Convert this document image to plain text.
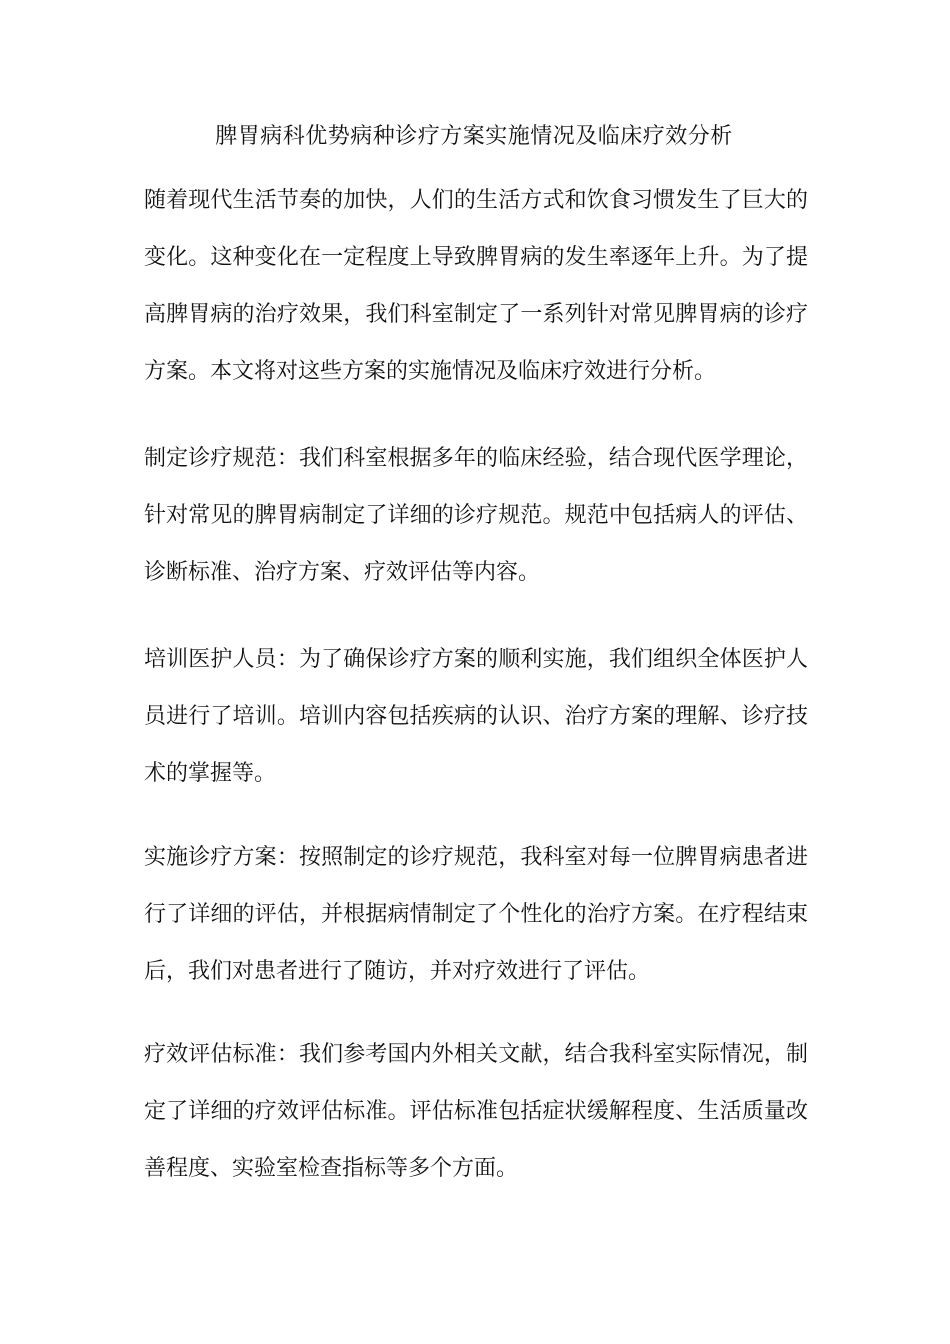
脾胃病科优势病种诊疗方案实施情况及临床疗效分析
随着现代生活节奏的加快，人们的生活方式和饮食习惯发生了巨大的
变化。这种变化在一定程度上导致脾胃病的发生率逐年上升。为了提
高脾胃病的治疗效果，我们科室制定了一系列针对常见脾胃病的诊疗
方案。本文将对这些方案的实施情况及临床疗效进行分析。
制定诊疗规范：我们科室根据多年的临床经验，结合现代医学理论，
针对常见的脾胃病制定了详细的诊疗规范。规范中包括病人的评估、
诊断标准、治疗方案、疗效评估等内容。
培训医护人员：为了确保诊疗方案的顺利实施，我们组织全体医护人
员进行了培训。培训内容包括疾病的认识、治疗方案的理解、诊疗技
术的掌握等。
实施诊疗方案：按照制定的诊疗规范，我科室对每一位脾胃病患者进
行了详细的评估，并根据病情制定了个性化的治疗方案。在疗程结束
后，我们对患者进行了随访，并对疗效进行了评估。
疗效评估标准：我们参考国内外相关文献，结合我科室实际情况，制
定了详细的疗效评估标准。评估标准包括症状缓解程度、生活质量改
善程度、实验室检查指标等多个方面。
